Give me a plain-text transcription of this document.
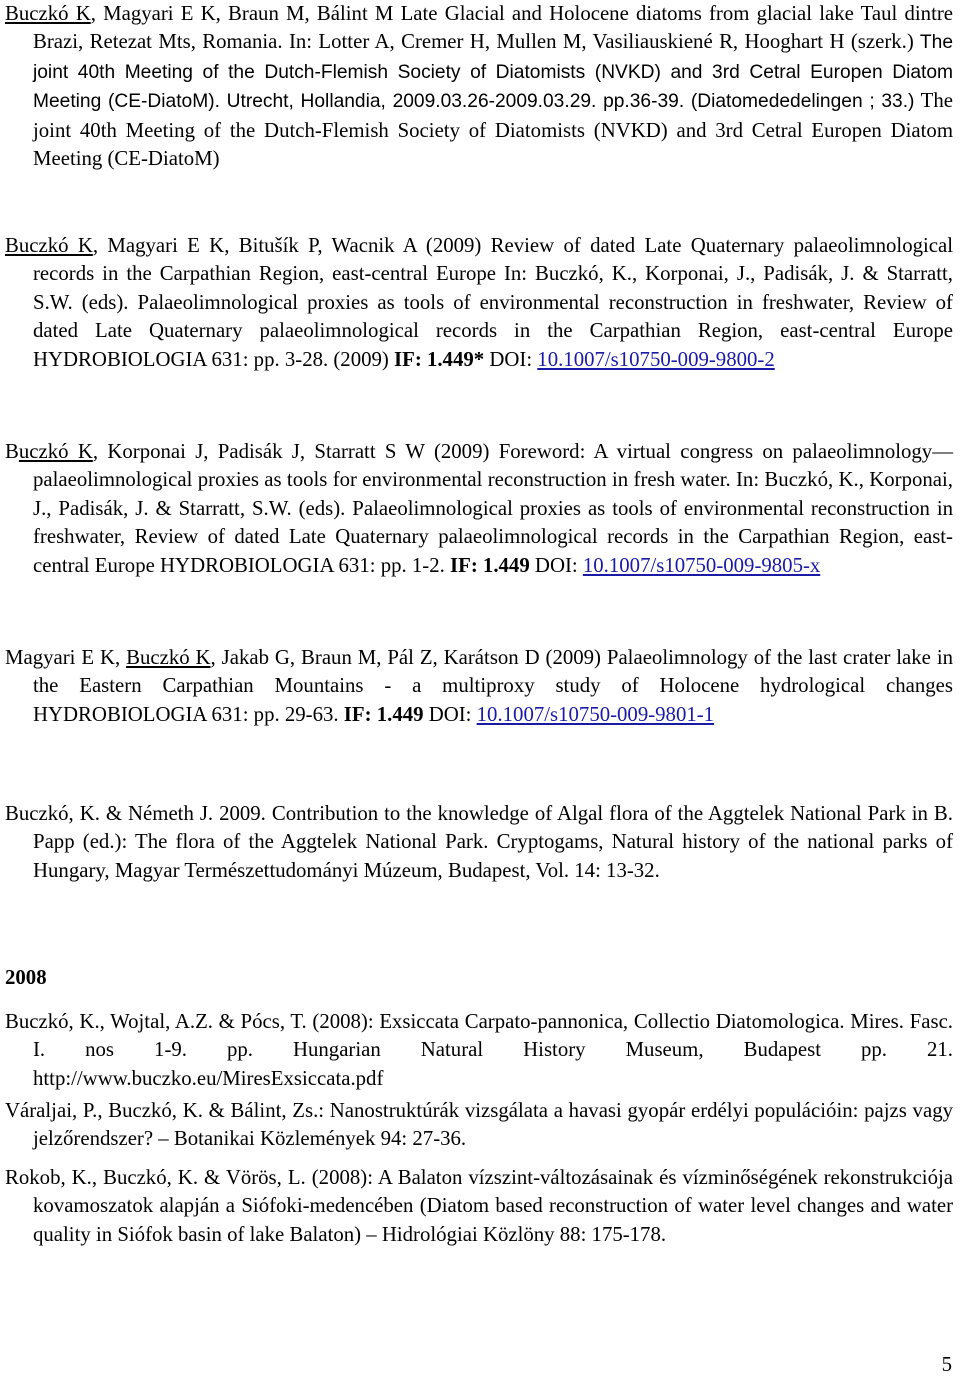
Buczkó K, Magyari E K, Braun M, Bálint M Late Glacial and Holocene diatoms from glacial lake Taul dintre Brazi, Retezat Mts, Romania. In: Lotter A, Cremer H, Mullen M, Vasiliauskiené R, Hooghart H (szerk.) The joint 40th Meeting of the Dutch-Flemish Society of Diatomists (NVKD) and 3rd Cetral Europen Diatom Meeting (CE-DiatoM). Utrecht, Hollandia, 2009.03.26-2009.03.29. pp.36-39. (Diatomededelingen ; 33.) The joint 40th Meeting of the Dutch-Flemish Society of Diatomists (NVKD) and 3rd Cetral Europen Diatom Meeting (CE-DiatoM)
Buczkó K, Magyari E K, Bitušík P, Wacnik A (2009) Review of dated Late Quaternary palaeolimnological records in the Carpathian Region, east-central Europe In: Buczkó, K., Korponai, J., Padisák, J. & Starratt, S.W. (eds). Palaeolimnological proxies as tools of environmental reconstruction in freshwater, Review of dated Late Quaternary palaeolimnological records in the Carpathian Region, east-central Europe HYDROBIOLOGIA 631: pp. 3-28. (2009) IF: 1.449* DOI: 10.1007/s10750-009-9800-2
Buczkó K, Korponai J, Padisák J, Starratt S W (2009) Foreword: A virtual congress on palaeolimnology—palaeolimnological proxies as tools for environmental reconstruction in fresh water. In: Buczkó, K., Korponai, J., Padisák, J. & Starratt, S.W. (eds). Palaeolimnological proxies as tools of environmental reconstruction in freshwater, Review of dated Late Quaternary palaeolimnological records in the Carpathian Region, east-central Europe HYDROBIOLOGIA 631: pp. 1-2. IF: 1.449 DOI: 10.1007/s10750-009-9805-x
Magyari E K, Buczkó K, Jakab G, Braun M, Pál Z, Karátson D (2009) Palaeolimnology of the last crater lake in the Eastern Carpathian Mountains - a multiproxy study of Holocene hydrological changes HYDROBIOLOGIA 631: pp. 29-63. IF: 1.449 DOI: 10.1007/s10750-009-9801-1
Buczkó, K. & Németh J. 2009. Contribution to the knowledge of Algal flora of the Aggtelek National Park in B. Papp (ed.): The flora of the Aggtelek National Park. Cryptogams, Natural history of the national parks of Hungary, Magyar Természettudományi Múzeum, Budapest, Vol. 14: 13-32.
2008
Buczkó, K., Wojtal, A.Z. & Pócs, T. (2008): Exsiccata Carpato-pannonica, Collectio Diatomologica. Mires. Fasc. I. nos 1-9. pp. Hungarian Natural History Museum, Budapest pp. 21. http://www.buczko.eu/MiresExsiccata.pdf
Váraljai, P., Buczkó, K. & Bálint, Zs.: Nanostruktúrák vizsgálata a havasi gyopár erdélyi populációin: pajzs vagy jelzőrendszer? – Botanikai Közlemények 94: 27-36.
Rokob, K., Buczkó, K. & Vörös, L. (2008): A Balaton vízszint-változásainak és vízminőségének rekonstrukciója kovamoszatok alapján a Siófoki-medencében (Diatom based reconstruction of water level changes and water quality in Siófok basin of lake Balaton) – Hidrológiai Közlöny 88: 175-178.
5
